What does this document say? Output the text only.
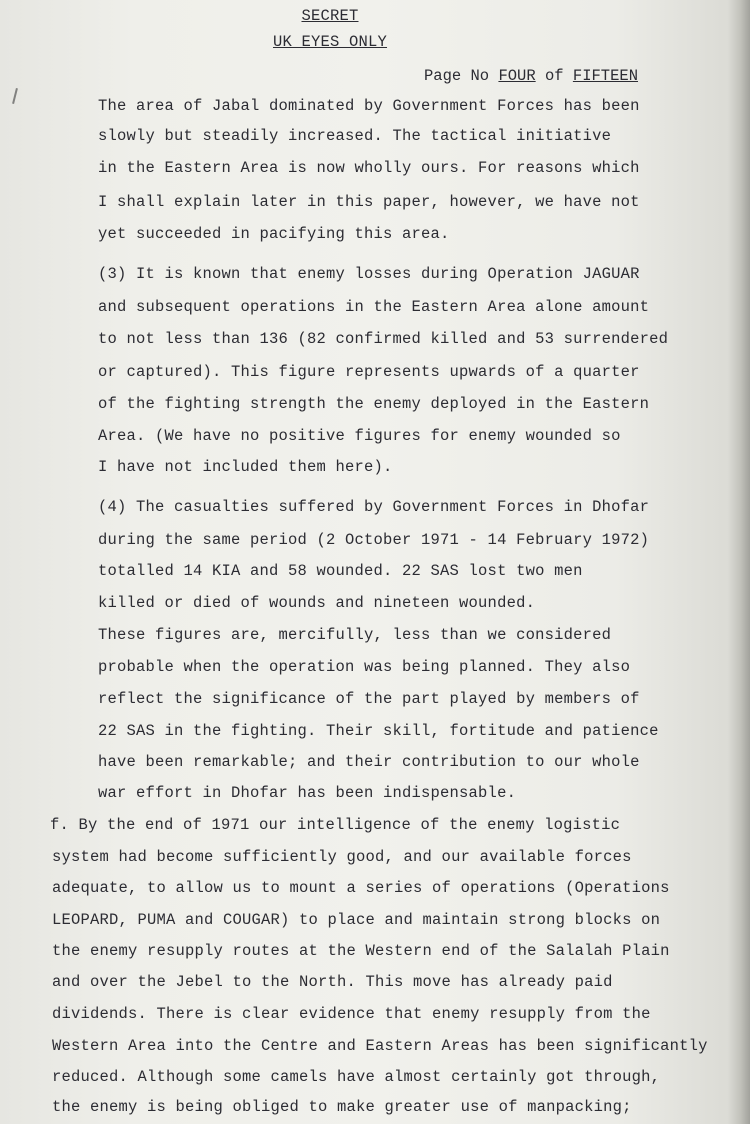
SECRET

UK EYES ONLY

Page No FOUR of FIFTEEN

The area of Jabal dominated by Government Forces has been

slowly but steadily increased. The tactical initiative

in the Eastern Area is now wholly ours. For reasons which

I shall explain later in this paper, however, we have not

yet succeeded in pacifying this area.

(3) It is known that enemy losses during Operation JAGUAR

and subsequent operations in the Eastern Area alone amount

to not less than 136 (82 confirmed killed and 53 surrendered

or captured). This figure represents upwards of a quarter

of the fighting strength the enemy deployed in the Eastern

Area. (We have no positive figures for enemy wounded so

I have not included them here).

(4) The casualties suffered by Government Forces in Dhofar

during the same period (2 October 1971 - 14 February 1972)

totalled 14 KIA and 58 wounded. 22 SAS lost two men

killed or died of wounds and nineteen wounded.

These figures are, mercifully, less than we considered

probable when the operation was being planned. They also

reflect the significance of the part played by members of

22 SAS in the fighting. Their skill, fortitude and patience

have been remarkable; and their contribution to our whole

war effort in Dhofar has been indispensable.

f. By the end of 1971 our intelligence of the enemy logistic

system had become sufficiently good, and our available forces

adequate, to allow us to mount a series of operations (Operations

LEOPARD, PUMA and COUGAR) to place and maintain strong blocks on

the enemy resupply routes at the Western end of the Salalah Plain

and over the Jebel to the North. This move has already paid

dividends. There is clear evidence that enemy resupply from the

Western Area into the Centre and Eastern Areas has been significantly

reduced. Although some camels have almost certainly got through,

the enemy is being obliged to make greater use of manpacking;
